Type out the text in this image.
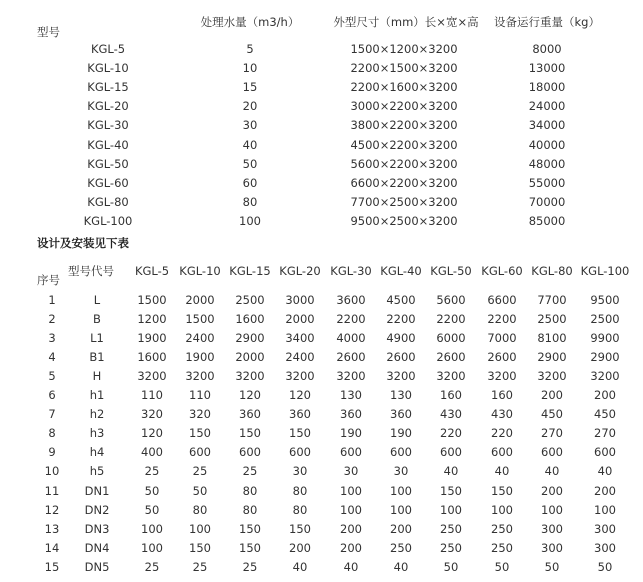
型号
处理水量（m3/h）	外型尺寸（mm）长×宽×高 设备运行重量（kg）
KGL-5	5	1500×1200×3200	8000
KGL-10	10	2200×1500×3200	13000
KGL-15	15	2200×1600×3200	18000
KGL-20	20	3000×2200×3200	24000
KGL-30	30	3800×2200×3200	34000
KGL-40	40	4500×2200×3200	40000
KGL-50	50	5600×2200×3200	48000
KGL-60	60	6600×2200×3200	55000
KGL-80	80	7700×2500×3200	70000
KGL-100	100	9500×2500×3200	85000
设计及安装见下表
序号
型号代号 KGL-5 KGL-10 KGL-15 KGL-20 KGL-30 KGL-40 KGL-50 KGL-60 KGL-80 KGL-100
1	L	1500 2000 2500 3000 3600 4500 5600 6600 7700 9500
2	B	1200 1500 1600 2000 2200 2200 2200 2200 2500 2500
3	L1	1900 2400 2900 3400 4000 4900 6000 7000 8100 9900
4	B1	1600 1900 2000 2400 2600 2600 2600 2600 2900 2900
5	H	3200 3200 3200 3200 3200 3200 3200 3200 3200 3200
6	h1	110 110 120 120	130 130 160	160 200	200
7	h2	320 320 360 360	360 360 430	430 450	450
8	h3	120 150 150 150	190 190 220	220 270	270
9	h4	400 600 600 600	600 600 600	600 600	600
10	h5	25	25	25	30	30	30	40	40	40	40
11 DN1	50	50	80	80	100 100 150	150 200	200
12 DN2	50	80	80	80	100 100 100	100 100	100
13 DN3	100 100 150 150	200 200 250	250 300	300
14 DN4	100 150 150 200	200 250 250	250 300	300
15 DN5	25	25	25	40	40	40	50	50	50	50
